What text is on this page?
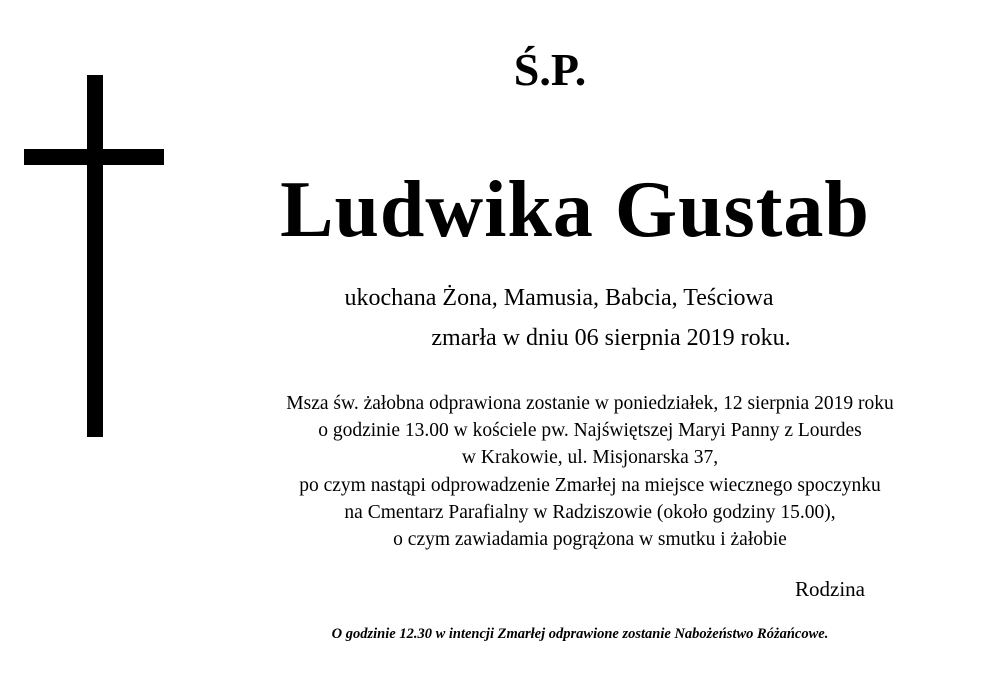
Ś.P.
Ludwika Gustab
ukochana Żona, Mamusia, Babcia, Teściowa
zmarła w dniu 06 sierpnia 2019 roku.
Msza św. żałobna odprawiona zostanie w poniedziałek, 12 sierpnia 2019 roku
o godzinie 13.00 w kościele pw. Najświętszej Maryi Panny z Lourdes
w Krakowie, ul. Misjonarska 37,
po czym nastąpi odprowadzenie Zmarłej na miejsce wiecznego spoczynku
na Cmentarz Parafialny w Radziszowie (około godziny 15.00),
o czym zawiadamia pogrążona w smutku i żałobie
Rodzina
O godzinie 12.30 w intencji Zmarłej odprawione zostanie Nabożeństwo Różańcowe.
